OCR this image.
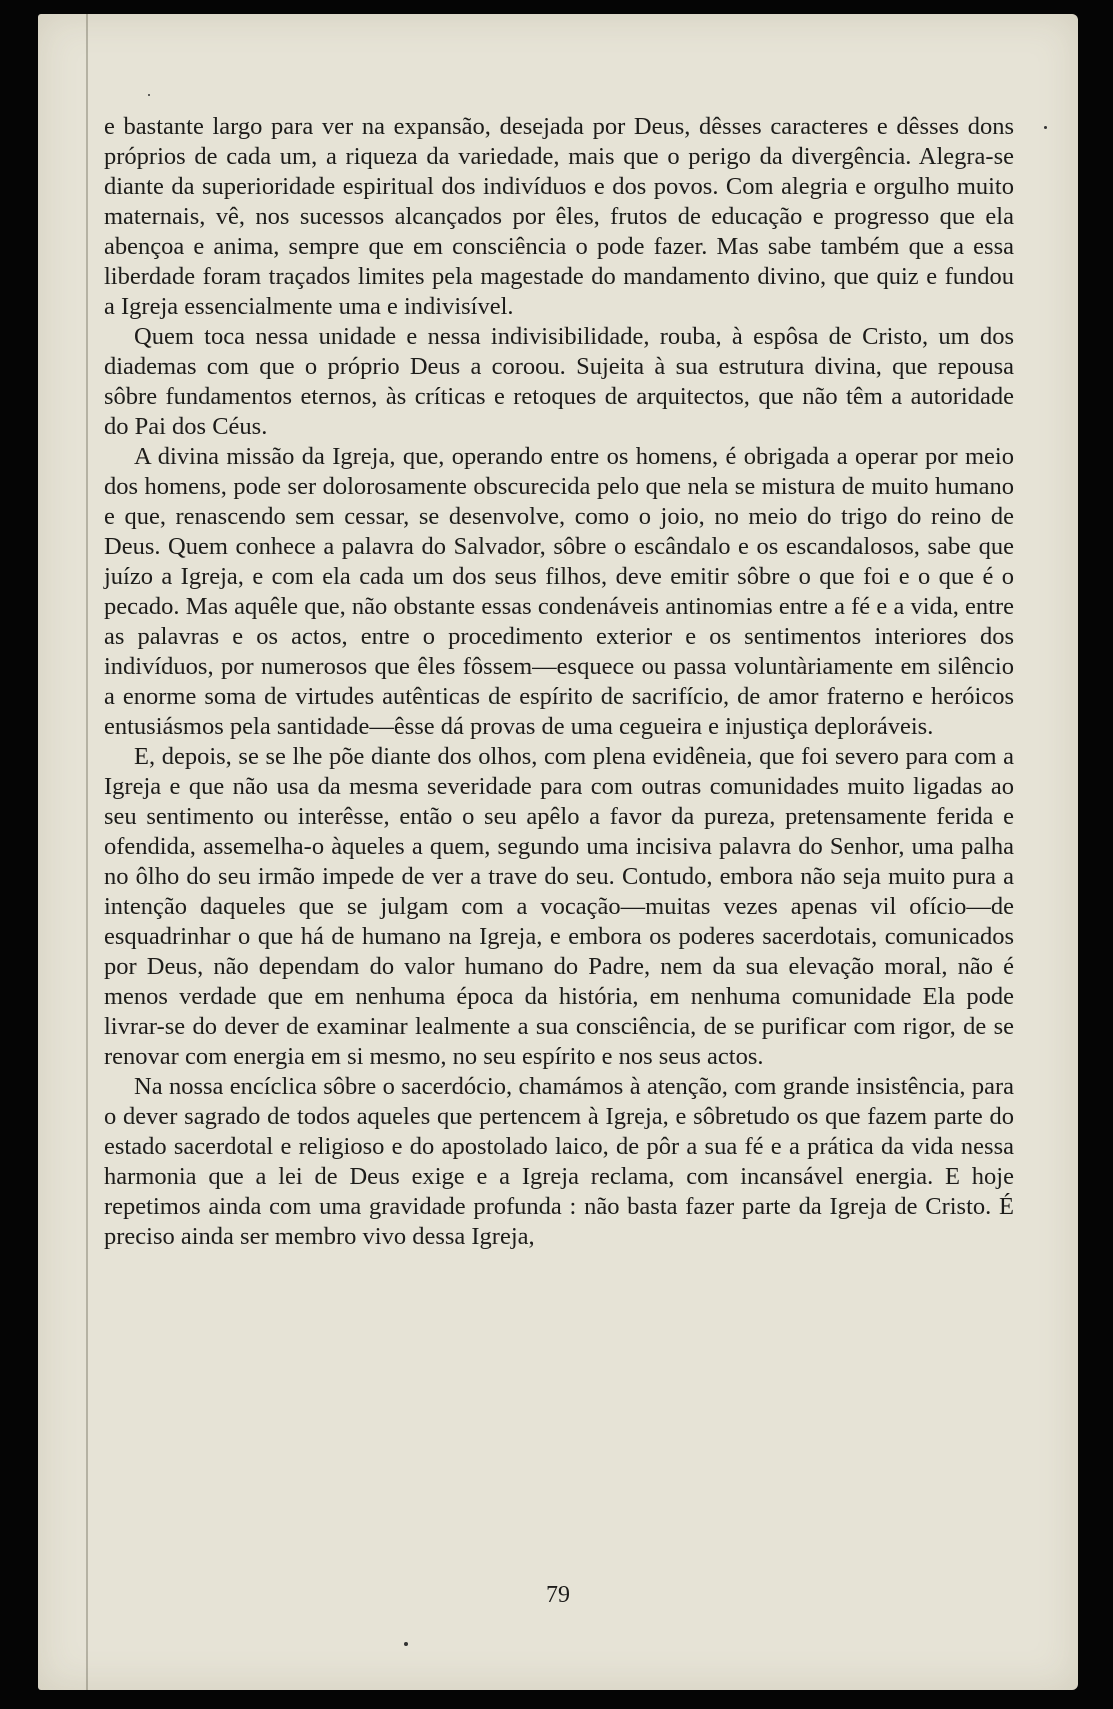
e bastante largo para ver na expansão, desejada por Deus, dêsses caracteres e dêsses dons próprios de cada um, a riqueza da variedade, mais que o perigo da divergência. Alegra-se diante da superioridade espiritual dos indivíduos e dos povos. Com alegria e orgulho muito maternais, vê, nos sucessos alcançados por êles, frutos de educação e progresso que ela abençoa e anima, sempre que em consciência o pode fazer. Mas sabe também que a essa liberdade foram traçados limites pela magestade do mandamento divino, que quiz e fundou a Igreja essencialmente uma e indivisível.

Quem toca nessa unidade e nessa indivisibilidade, rouba, à espôsa de Cristo, um dos diademas com que o próprio Deus a coroou. Sujeita à sua estrutura divina, que repousa sôbre fundamentos eternos, às críticas e retoques de arquitectos, que não têm a autoridade do Pai dos Céus.

A divina missão da Igreja, que, operando entre os homens, é obrigada a operar por meio dos homens, pode ser dolorosamente obscurecida pelo que nela se mistura de muito humano e que, renascendo sem cessar, se desenvolve, como o joio, no meio do trigo do reino de Deus. Quem conhece a palavra do Salvador, sôbre o escândalo e os escandalosos, sabe que juízo a Igreja, e com ela cada um dos seus filhos, deve emitir sôbre o que foi e o que é o pecado. Mas aquêle que, não obstante essas condenáveis antinomias entre a fé e a vida, entre as palavras e os actos, entre o procedimento exterior e os sentimentos interiores dos indivíduos, por numerosos que êles fôssem—esquece ou passa voluntàriamente em silêncio a enorme soma de virtudes autênticas de espírito de sacrifício, de amor fraterno e heróicos entusiásmos pela santidade—êsse dá provas de uma cegueira e injustiça deploráveis.

E, depois, se se lhe põe diante dos olhos, com plena evidêneia, que foi severo para com a Igreja e que não usa da mesma severidade para com outras comunidades muito ligadas ao seu sentimento ou interêsse, então o seu apêlo a favor da pureza, pretensamente ferida e ofendida, assemelha-o àqueles a quem, segundo uma incisiva palavra do Senhor, uma palha no ôlho do seu irmão impede de ver a trave do seu. Contudo, embora não seja muito pura a intenção daqueles que se julgam com a vocação—muitas vezes apenas vil ofício—de esquadrinhar o que há de humano na Igreja, e embora os poderes sacerdotais, comunicados por Deus, não dependam do valor humano do Padre, nem da sua elevação moral, não é menos verdade que em nenhuma época da história, em nenhuma comunidade Ela pode livrar-se do dever de examinar lealmente a sua consciência, de se purificar com rigor, de se renovar com energia em si mesmo, no seu espírito e nos seus actos.

Na nossa encíclica sôbre o sacerdócio, chamámos à atenção, com grande insistência, para o dever sagrado de todos aqueles que pertencem à Igreja, e sôbretudo os que fazem parte do estado sacerdotal e religioso e do apostolado laico, de pôr a sua fé e a prática da vida nessa harmonia que a lei de Deus exige e a Igreja reclama, com incansável energia. E hoje repetimos ainda com uma gravidade profunda : não basta fazer parte da Igreja de Cristo. É preciso ainda ser membro vivo dessa Igreja,

79
